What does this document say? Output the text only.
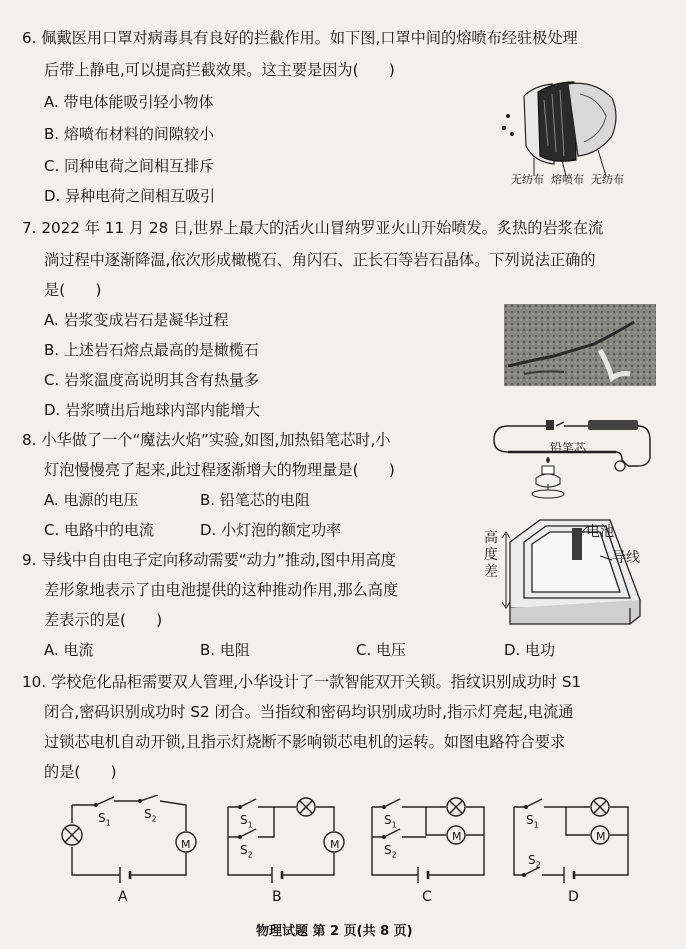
6. 佩戴医用口罩对病毒具有良好的拦截作用。如下图,口罩中间的熔喷布经驻极处理
后带上静电,可以提高拦截效果。这主要是因为(　　)
A. 带电体能吸引轻小物体
B. 熔喷布材料的间隙较小
C. 同种电荷之间相互排斥
D. 异种电荷之间相互吸引
无纺布 熔喷布 无纺布
7. 2022 年 11 月 28 日,世界上最大的活火山冒纳罗亚火山开始喷发。炙热的岩浆在流
淌过程中逐渐降温,依次形成橄榄石、角闪石、正长石等岩石晶体。下列说法正确的
是(　　)
A. 岩浆变成岩石是凝华过程
B. 上述岩石熔点最高的是橄榄石
C. 岩浆温度高说明其含有热量多
D. 岩浆喷出后地球内部内能增大
8. 小华做了一个“魔法火焰”实验,如图,加热铅笔芯时,小
灯泡慢慢亮了起来,此过程逐渐增大的物理量是(　　)
A. 电源的电压	B. 铅笔芯的电阻
C. 电路中的电流	D. 小灯泡的额定功率
铅笔芯
9. 导线中自由电子定向移动需要“动力”推动,图中用高度
差形象地表示了由电池提供的这种推动作用,那么高度
差表示的是(　　)
A. 电流	B. 电阻	C. 电压	D. 电功
电池
导线
高度差
10. 学校危化品柜需要双人管理,小华设计了一款智能双开关锁。指纹识别成功时 S1
闭合,密码识别成功时 S2 闭合。当指纹和密码均识别成功时,指示灯亮起,电流通
过锁芯电机自动开锁,且指示灯烧断不影响锁芯电机的运转。如图电路符合要求
的是(　　)
$S_1$
$S_2$
M
$S_1$
$S_2$
M
$S_1$
$S_2$
M
$S_1$
$S_2$
M
A	B	C	D
物理试题 第 2 页(共 8 页)
